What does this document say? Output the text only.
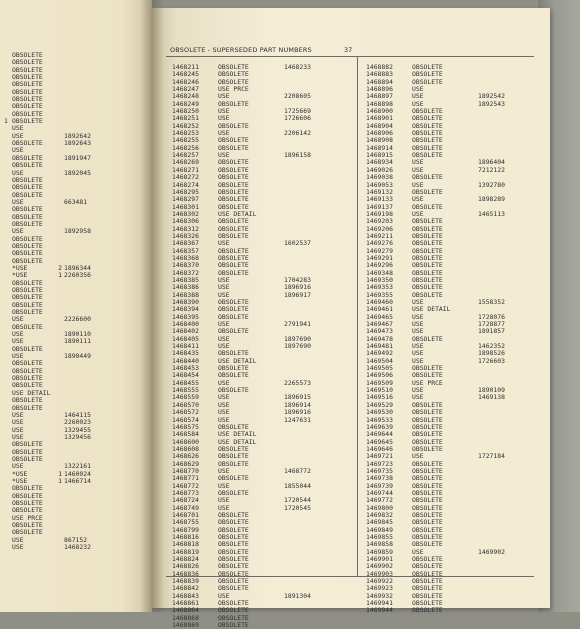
OBSOLETE
OBSOLETE
OBSOLETE
OBSOLETE
OBSOLETE
OBSOLETE
OBSOLETE
OBSOLETE
OBSOLETE
1 OBSOLETE
USE
USE	1892642
OBSOLETE	1892643
USE
OBSOLETE	1891947
OBSOLETE
USE	1892045
OBSOLETE
OBSOLETE
OBSOLETE
USE	663481
OBSOLETE
OBSOLETE
OBSOLETE
USE	1892958
OBSOLETE
OBSOLETE
OBSOLETE
OBSOLETE
*USE        2 1896344
*USE        1 2260356
OBSOLETE
OBSOLETE
OBSOLETE
OBSOLETE
OBSOLETE
USE	2226600
OBSOLETE
USE	1890110
USE	1890111
OBSOLETE
USE	1890449
OBSOLETE
OBSOLETE
OBSOLETE
OBSOLETE
USE DETAIL
OBSOLETE
OBSOLETE
USE	1464115
USE	2260023
USE	1329455
USE	1329456
OBSOLETE
OBSOLETE
OBSOLETE
USE	1322161
*USE        1 1460024
*USE        1 1466714
OBSOLETE
OBSOLETE
OBSOLETE
OBSOLETE
USE PRCE
OBSOLETE
OBSOLETE
USE	867152
USE	1468232
OBSOLETE - SUPERSEDED PART NUMBERS	37
1468211	OBSOLETE	1468233
1468245	OBSOLETE
1468246	OBSOLETE
1468247	USE PRCE
1468248	USE	2208605
1468249	OBSOLETE
1468250	USE	1725669
1468251	USE	1726606
1468252	OBSOLETE
1468253	USE	2206142
1468255	OBSOLETE
1468256	OBSOLETE
1468257	USE	1896158
1468269	OBSOLETE
1468271	OBSOLETE
1468272	OBSOLETE
1468274	OBSOLETE
1468295	OBSOLETE
1468297	OBSOLETE
1468301	OBSOLETE
1468302	USE DETAIL
1468306	OBSOLETE
1468312	OBSOLETE
1468326	OBSOLETE
1468367	USE	1602537
1468357	OBSOLETE
1468368	OBSOLETE
1468370	OBSOLETE
1468372	OBSOLETE
1468385	USE	1704283
1468386	USE	1896916
1468388	USE	1896917
1468390	OBSOLETE
1468394	OBSOLETE
1468395	OBSOLETE
1468400	USE	2791941
1468402	OBSOLETE
1468405	USE	1897690
1468411	USE	1897690
1468435	OBSOLETE
1468440	USE DETAIL
1468453	OBSOLETE
1468454	OBSOLETE
1468455	USE	2265573
1468555	OBSOLETE
1468559	USE	1896915
1468570	USE	1896914
1468572	USE	1896916
1468574	USE	1247631
1468575	OBSOLETE
1468584	USE DETAIL
1468600	USE DETAIL
1468608	OBSOLETE
1468626	OBSOLETE
1468629	OBSOLETE
1468770	USE	1468772
1468771	OBSOLETE
1468772	USE	1855044
1468773	OBSOLETE
1468724	USE	1720544
1468749	USE	1720545
1468701	OBSOLETE
1468755	OBSOLETE
1468799	OBSOLETE
1468816	OBSOLETE
1468818	OBSOLETE
1468819	OBSOLETE
1468824	OBSOLETE
1468826	OBSOLETE
1468836	OBSOLETE
1468839	OBSOLETE
1468842	OBSOLETE
1468843	USE	1891304
1468861	OBSOLETE
1468864	OBSOLETE
1468868	OBSOLETE
1468869	OBSOLETE
1468882	OBSOLETE
1468883	OBSOLETE
1468894	OBSOLETE
1468896	USE
1468897	USE	1892542
1468898	USE	1892543
1468900	OBSOLETE
1468901	OBSOLETE
1468904	OBSOLETE
1468906	OBSOLETE
1468908	OBSOLETE
1468914	OBSOLETE
1468915	OBSOLETE
1468934	USE	1896404
1469026	USE	7212122
1469038	OBSOLETE
1469053	USE	1392780
1469132	OBSOLETE
1469133	USE	1898289
1469137	OBSOLETE
1469198	USE	1465113
1469203	OBSOLETE
1469206	OBSOLETE
1469211	OBSOLETE
1469276	OBSOLETE
1469279	OBSOLETE
1469291	OBSOLETE
1469296	OBSOLETE
1469348	OBSOLETE
1469350	OBSOLETE
1469353	OBSOLETE
1469355	OBSOLETE
1469460	USE	1558352
1469461	USE DETAIL
1469465	USE	1728076
1469467	USE	1728877
1469473	USE	1891857
1469478	OBSOLETE
1469481	USE	1462352
1469492	USE	1898526
1469504	USE	1726603
1469505	OBSOLETE
1469506	OBSOLETE
1469509	USE PRCE
1469510	USE	1890109
1469516	USE	1469138
1469529	OBSOLETE
1469530	OBSOLETE
1469533	OBSOLETE
1469639	OBSOLETE
1469644	OBSOLETE
1469645	OBSOLETE
1469646	OBSOLETE
1469721	USE	1727184
1469723	OBSOLETE
1469735	OBSOLETE
1469738	OBSOLETE
1469739	OBSOLETE
1469744	OBSOLETE
1469772	OBSOLETE
1469800	OBSOLETE
1469832	OBSOLETE
1469845	OBSOLETE
1469849	OBSOLETE
1469855	OBSOLETE
1469858	OBSOLETE
1469859	USE	1469902
1469901	OBSOLETE
1469902	OBSOLETE
1469903	OBSOLETE
1469922	OBSOLETE
1469923	OBSOLETE
1469932	OBSOLETE
1469941	OBSOLETE
1469944	OBSOLETE
